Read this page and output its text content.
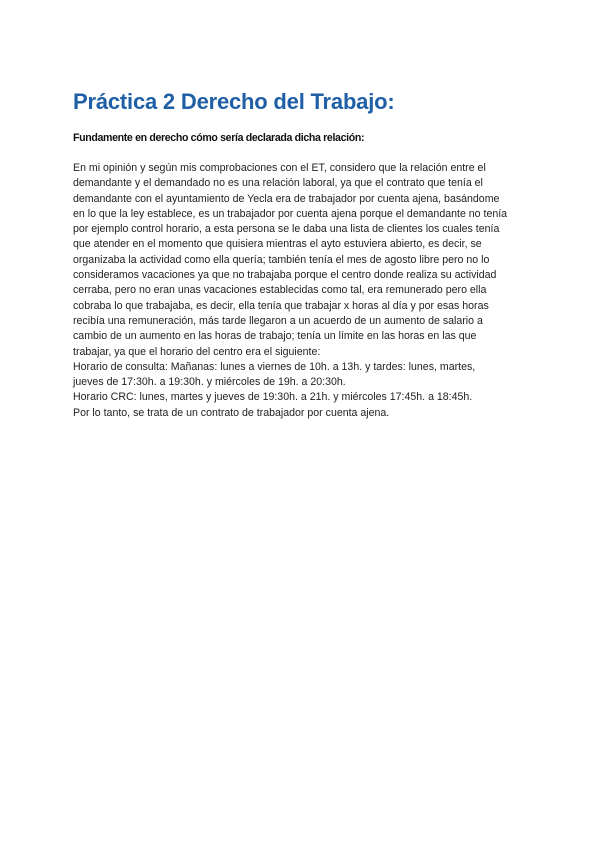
Práctica 2 Derecho del Trabajo:

Fundamente en derecho cómo sería declarada dicha relación:

En mi opinión y según mis comprobaciones con el ET, considero que la relación entre el
demandante y el demandado no es una relación laboral, ya que el contrato que tenía el
demandante con el ayuntamiento de Yecla era de trabajador por cuenta ajena, basándome
en lo que la ley establece, es un trabajador por cuenta ajena porque el demandante no tenía
por ejemplo control horario, a esta persona se le daba una lista de clientes los cuales tenía
que atender en el momento que quisiera mientras el ayto estuviera abierto, es decir, se
organizaba la actividad como ella quería; también tenía el mes de agosto libre pero no lo
consideramos vacaciones ya que no trabajaba porque el centro donde realiza su actividad
cerraba, pero no eran unas vacaciones establecidas como tal, era remunerado pero ella
cobraba lo que trabajaba, es decir, ella tenía que trabajar x horas al día y por esas horas
recibía una remuneración, más tarde llegaron a un acuerdo de un aumento de salario a
cambio de un aumento en las horas de trabajo; tenía un límite en las horas en las que
trabajar, ya que el horario del centro era el siguiente:
Horario de consulta: Mañanas: lunes a viernes de 10h. a 13h. y tardes: lunes, martes,
jueves de 17:30h. a 19:30h. y miércoles de 19h. a 20:30h.
Horario CRC: lunes, martes y jueves de 19:30h. a 21h. y miércoles 17:45h. a 18:45h.
Por lo tanto, se trata de un contrato de trabajador por cuenta ajena.
